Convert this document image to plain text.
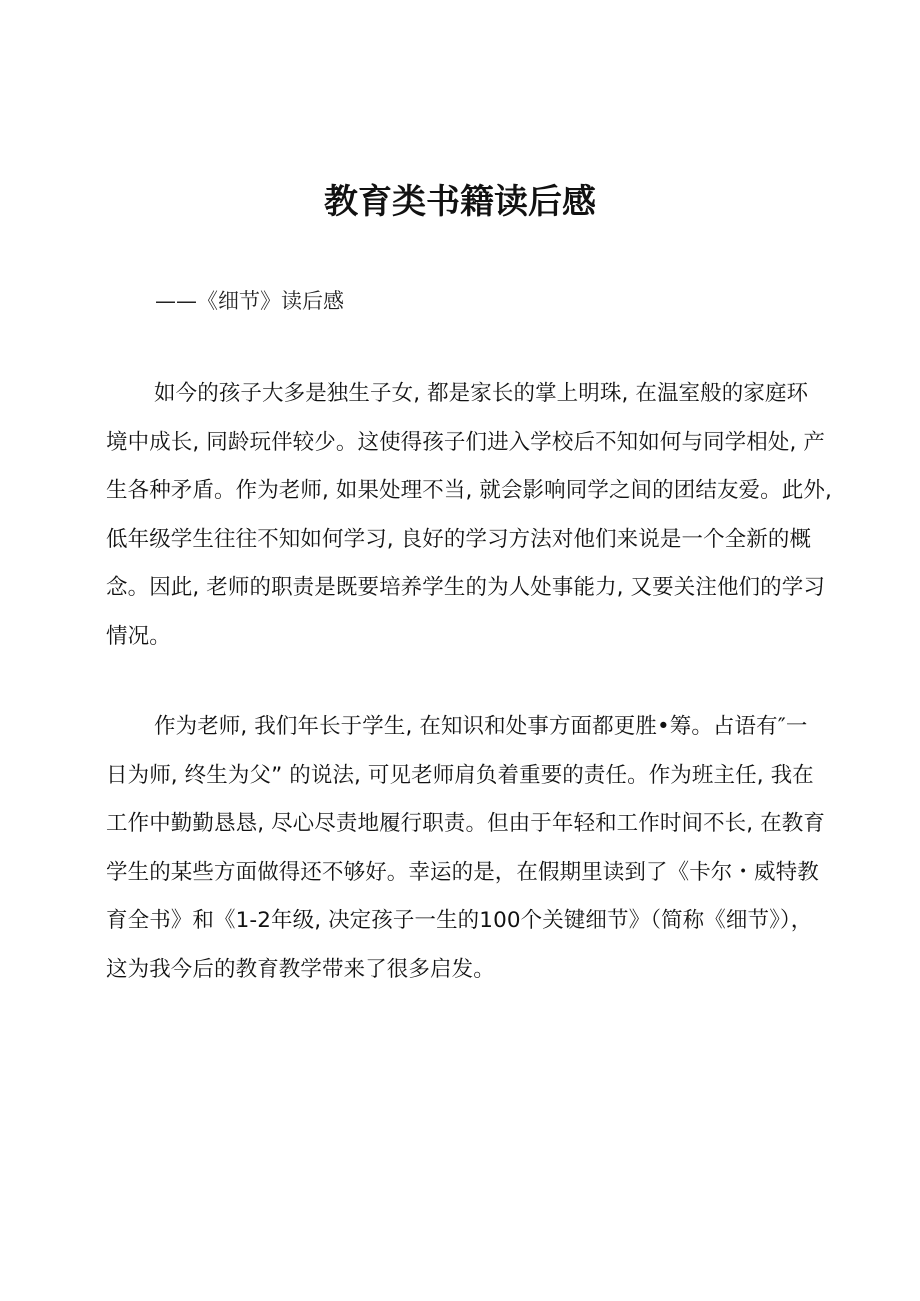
教育类书籍读后感

——《细节》读后感

如今的孩子大多是独生子女, 都是家长的掌上明珠, 在温室般的家庭环
境中成长, 同龄玩伴较少。这使得孩子们进入学校后不知如何与同学相处, 产
生各种矛盾。作为老师, 如果处理不当, 就会影响同学之间的团结友爱。此外,
低年级学生往往不知如何学习, 良好的学习方法对他们来说是一个全新的概
念。因此, 老师的职责是既要培养学生的为人处事能力, 又要关注他们的学习
情况。

作为老师, 我们年长于学生, 在知识和处事方面都更胜•筹。占语有″一
日为师, 终生为父” 的说法, 可见老师肩负着重要的责任。作为班主任, 我在
工作中勤勤恳恳, 尽心尽责地履行职责。但由于年轻和工作时间不长, 在教育
学生的某些方面做得还不够好。幸运的是，在假期里读到了《卡尔・威特教
育全书》和《1-2年级, 决定孩子一生的100个关键细节》（简称《细节》），
这为我今后的教育教学带来了很多启发。
